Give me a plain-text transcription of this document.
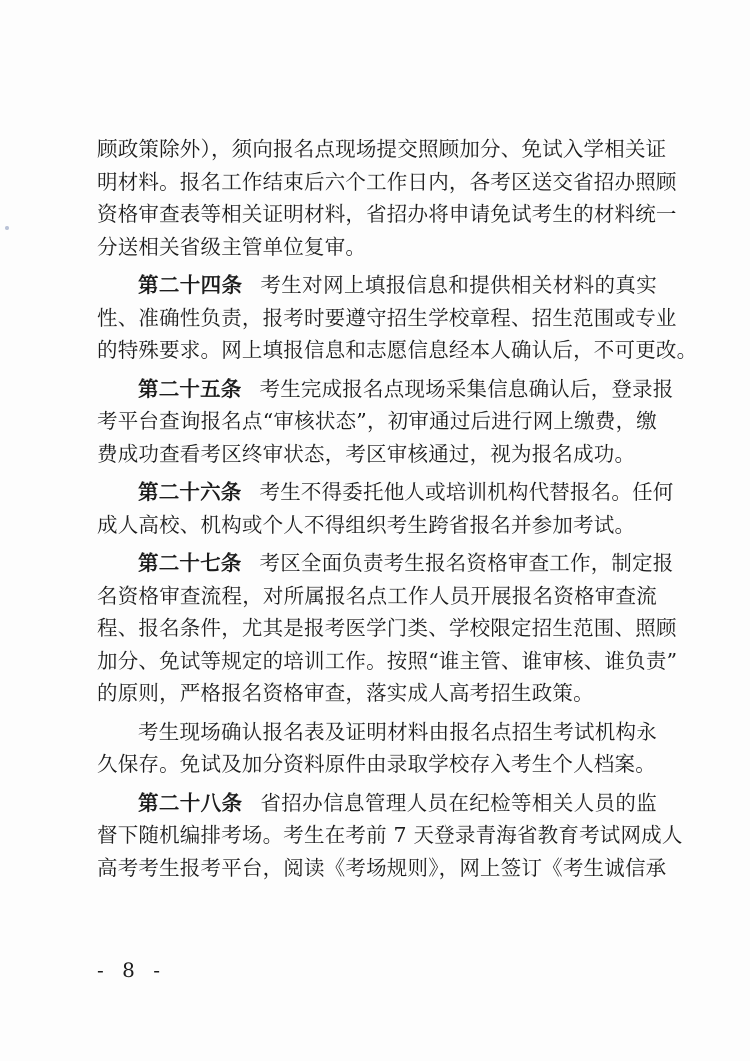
顾政策除外），须向报名点现场提交照顾加分、免试入学相关证
明材料。报名工作结束后六个工作日内，各考区送交省招办照顾
资格审查表等相关证明材料，省招办将申请免试考生的材料统一
分送相关省级主管单位复审。
第二十四条 考生对网上填报信息和提供相关材料的真实
性、准确性负责，报考时要遵守招生学校章程、招生范围或专业
的特殊要求。网上填报信息和志愿信息经本人确认后，不可更改。
第二十五条 考生完成报名点现场采集信息确认后，登录报
考平台查询报名点“审核状态”，初审通过后进行网上缴费，缴
费成功查看考区终审状态，考区审核通过，视为报名成功。
第二十六条 考生不得委托他人或培训机构代替报名。任何
成人高校、机构或个人不得组织考生跨省报名并参加考试。
第二十七条 考区全面负责考生报名资格审查工作，制定报
名资格审查流程，对所属报名点工作人员开展报名资格审查流
程、报名条件，尤其是报考医学门类、学校限定招生范围、照顾
加分、免试等规定的培训工作。按照“谁主管、谁审核、谁负责”
的原则，严格报名资格审查，落实成人高考招生政策。
考生现场确认报名表及证明材料由报名点招生考试机构永
久保存。免试及加分资料原件由录取学校存入考生个人档案。
第二十八条 省招办信息管理人员在纪检等相关人员的监
督下随机编排考场。考生在考前 7 天登录青海省教育考试网成人
高考考生报考平台，阅读《考场规则》，网上签订《考生诚信承
- 8 -
